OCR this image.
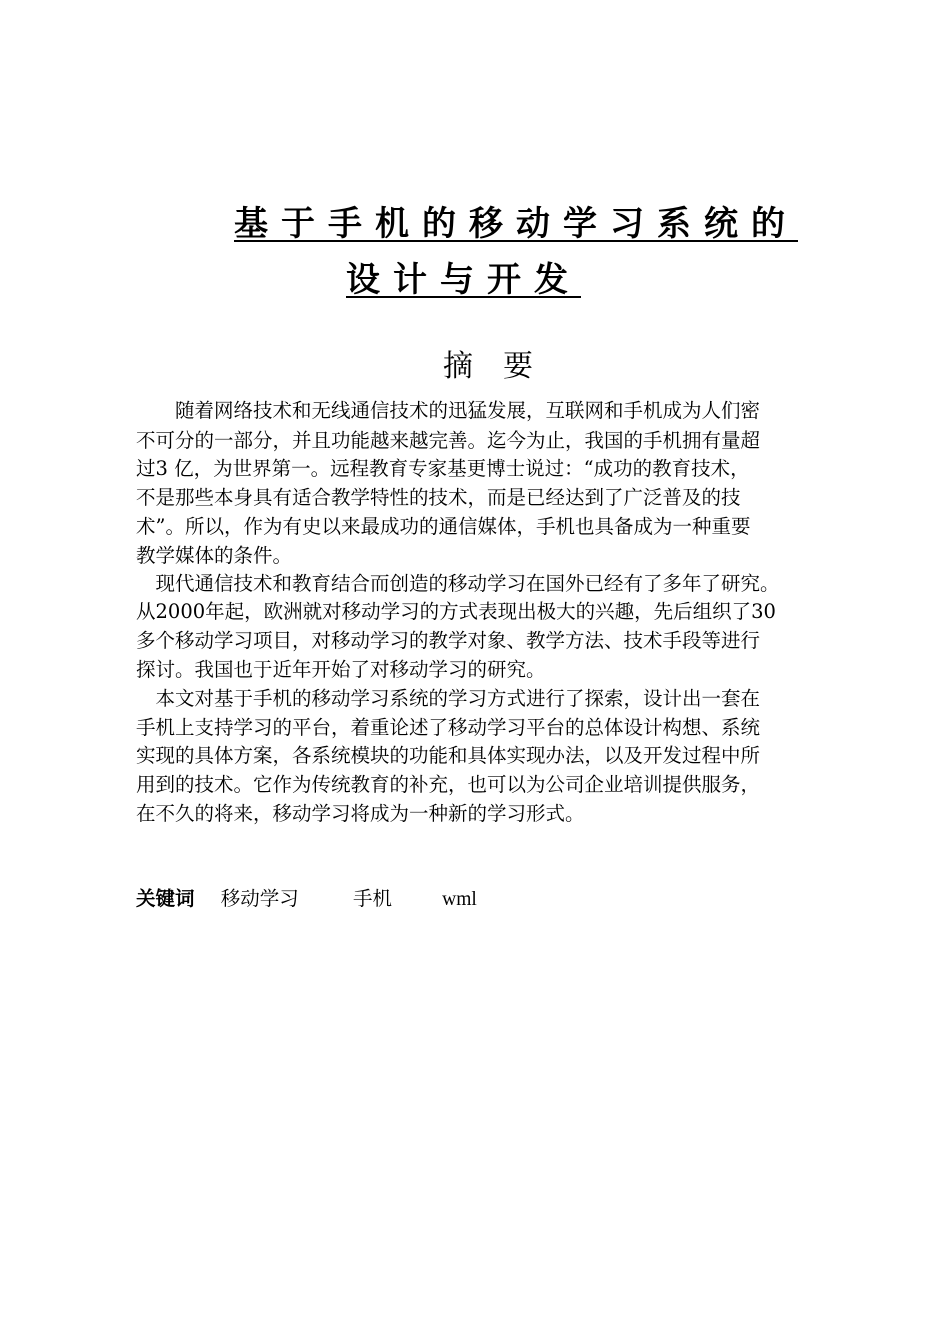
基于手机的移动学习系统的
设计与开发
摘要
　　随着网络技术和无线通信技术的迅猛发展，互联网和手机成为人们密
不可分的一部分，并且功能越来越完善。迄今为止，我国的手机拥有量超
过3 亿，为世界第一。远程教育专家基更博士说过：“成功的教育技术，
不是那些本身具有适合教学特性的技术，而是已经达到了广泛普及的技
术”。所以，作为有史以来最成功的通信媒体，手机也具备成为一种重要
教学媒体的条件。
　现代通信技术和教育结合而创造的移动学习在国外已经有了多年了研究。
从2000年起，欧洲就对移动学习的方式表现出极大的兴趣，先后组织了30
多个移动学习项目，对移动学习的教学对象、教学方法、技术手段等进行
探讨。我国也于近年开始了对移动学习的研究。
　本文对基于手机的移动学习系统的学习方式进行了探索，设计出一套在
手机上支持学习的平台，着重论述了移动学习平台的总体设计构想、系统
实现的具体方案，各系统模块的功能和具体实现办法，以及开发过程中所
用到的技术。它作为传统教育的补充，也可以为公司企业培训提供服务，
在不久的将来，移动学习将成为一种新的学习形式。
关键词 移动学习	手机	wml
